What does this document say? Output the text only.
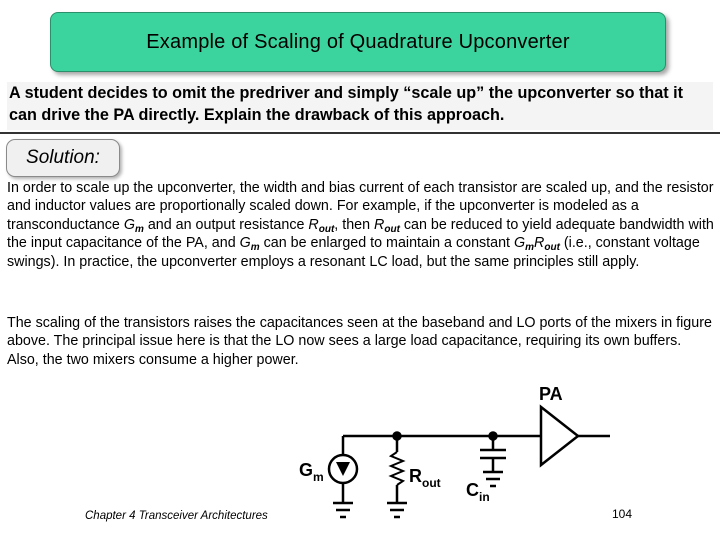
Example of Scaling of Quadrature Upconverter
A student decides to omit the predriver and simply “scale up” the upconverter so that it can drive the PA directly. Explain the drawback of this approach.
Solution:
In order to scale up the upconverter, the width and bias current of each transistor are scaled up, and the resistor and inductor values are proportionally scaled down. For example, if the upconverter is modeled as a transconductance $G_m$ and an output resistance $R_{out}$, then $R_{out}$ can be reduced to yield adequate bandwidth with the input capacitance of the PA, and $G_m$ can be enlarged to maintain a constant $G_mR_{out}$ (i.e., constant voltage swings). In practice, the upconverter employs a resonant LC load, but the same principles still apply.
The scaling of the transistors raises the capacitances seen at the baseband and LO ports of the mixers in figure above. The principal issue here is that the LO now sees a large load capacitance, requiring its own buffers. Also, the two mixers consume a higher power.
PA
$G_m$	$R_{out}$ $C_{in}$
Chapter 4 Transceiver Architectures	104
